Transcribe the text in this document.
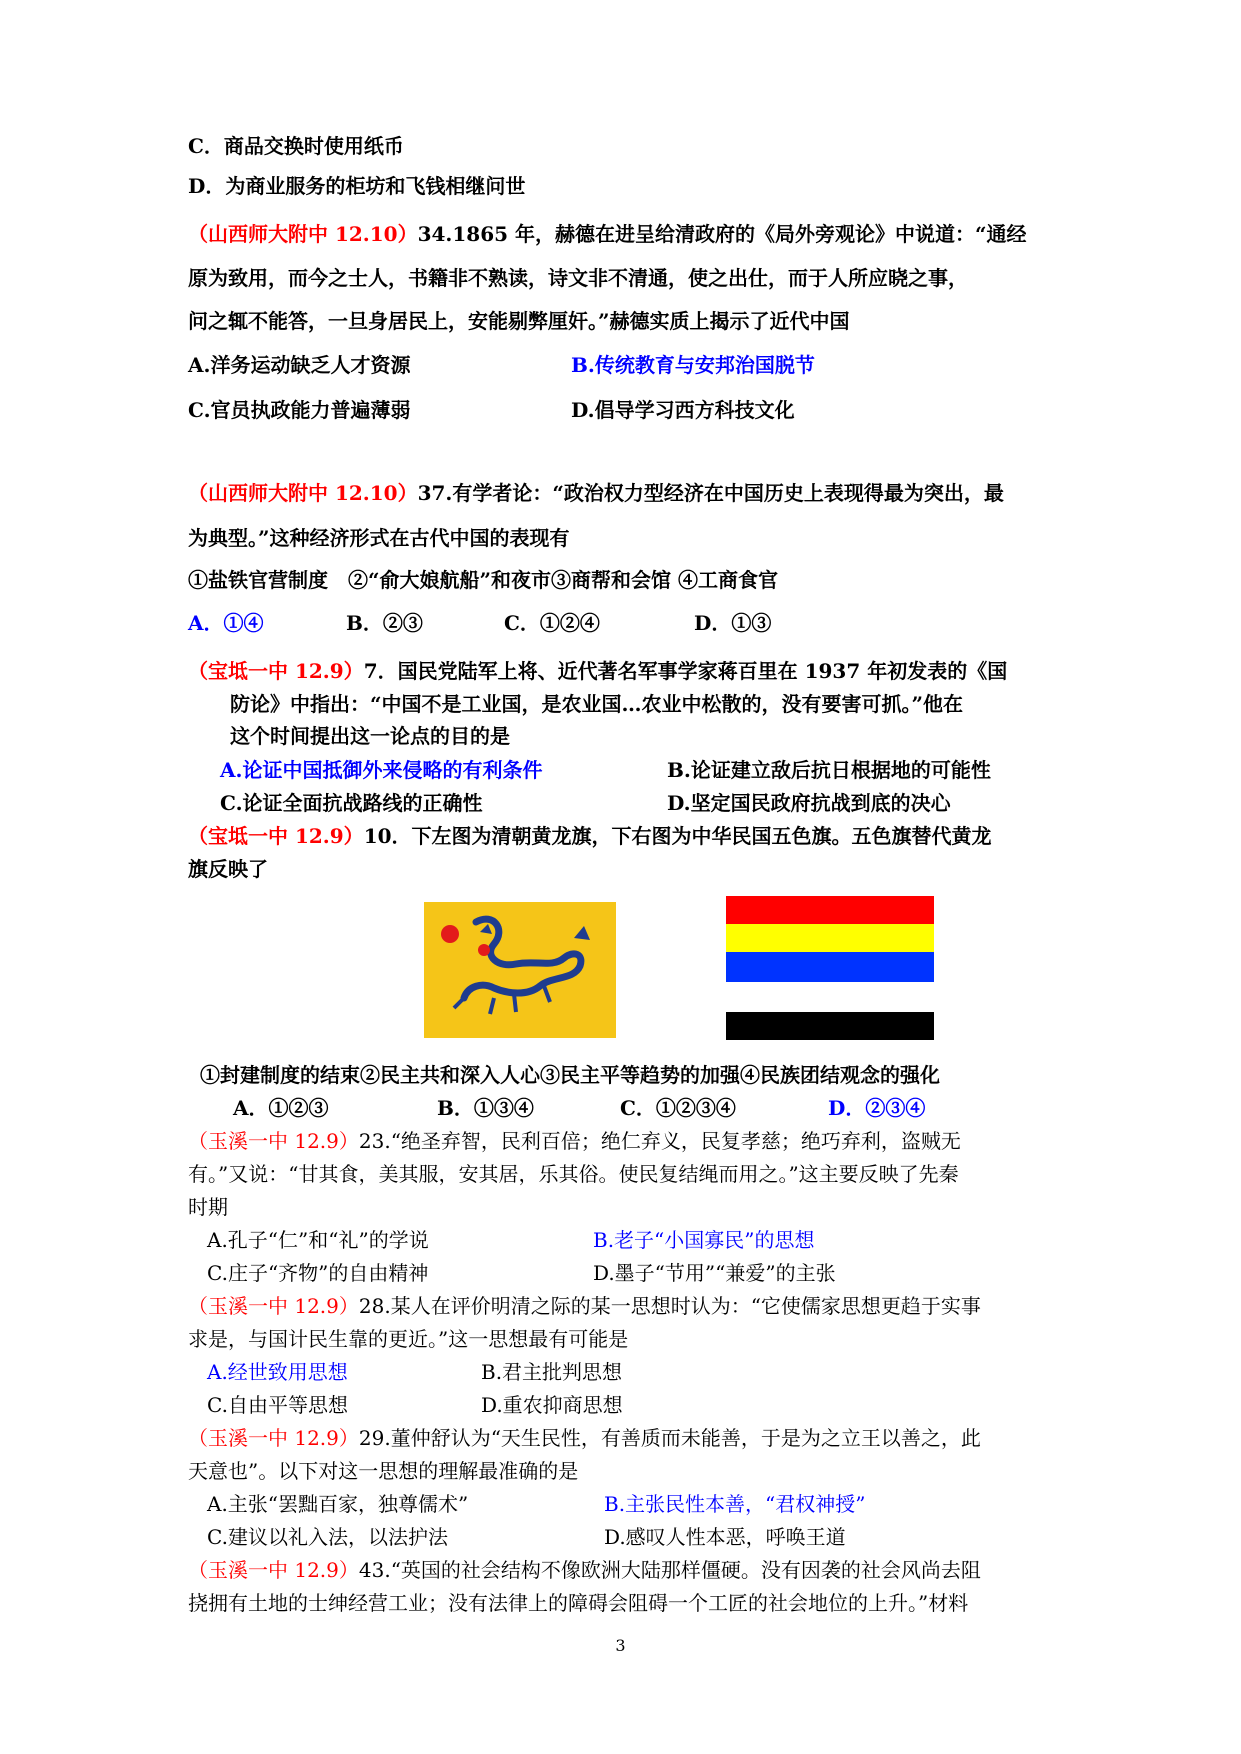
C．商品交换时使用纸币
D．为商业服务的柜坊和飞钱相继问世
（山西师大附中 12.10）34.1865 年，赫德在进呈给清政府的《局外旁观论》中说道：“通经
原为致用，而今之士人，书籍非不熟读，诗文非不清通，使之出仕，而于人所应晓之事，
问之辄不能答，一旦身居民上，安能剔弊厘奸。”赫德实质上揭示了近代中国
A.洋务运动缺乏人才资源	B.传统教育与安邦治国脱节
C.官员执政能力普遍薄弱	D.倡导学习西方科技文化
（山西师大附中 12.10）37.有学者论：“政治权力型经济在中国历史上表现得最为突出，最
为典型。”这种经济形式在古代中国的表现有
①盐铁官营制度　②“俞大娘航船”和夜市③商帮和会馆 ④工商食官
A．①④	B．②③	C．①②④	D．①③
（宝坻一中 12.9）7．国民党陆军上将、近代著名军事学家蒋百里在 1937 年初发表的《国
防论》中指出：“中国不是工业国，是农业国…农业中松散的，没有要害可抓。”他在
这个时间提出这一论点的目的是
A.论证中国抵御外来侵略的有利条件	B.论证建立敌后抗日根据地的可能性
C.论证全面抗战路线的正确性	D.坚定国民政府抗战到底的决心
（宝坻一中 12.9）10．下左图为清朝黄龙旗，下右图为中华民国五色旗。五色旗替代黄龙
旗反映了
①封建制度的结束②民主共和深入人心③民主平等趋势的加强④民族团结观念的强化
A．①②③	B．①③④	C．①②③④	D．②③④
（玉溪一中 12.9）23.“绝圣弃智，民利百倍；绝仁弃义，民复孝慈；绝巧弃利，盗贼无
有。”又说：“甘其食，美其服，安其居，乐其俗。使民复结绳而用之。”这主要反映了先秦
时期
A.孔子“仁”和“礼”的学说	B.老子“小国寡民”的思想
C.庄子“齐物”的自由精神	D.墨子“节用”“兼爱”的主张
（玉溪一中 12.9）28.某人在评价明清之际的某一思想时认为：“它使儒家思想更趋于实事
求是，与国计民生靠的更近。”这一思想最有可能是
A.经世致用思想	B.君主批判思想
C.自由平等思想	D.重农抑商思想
（玉溪一中 12.9）29.董仲舒认为“天生民性，有善质而未能善，于是为之立王以善之，此
天意也”。以下对这一思想的理解最准确的是
A.主张“罢黜百家，独尊儒术”	B.主张民性本善，“君权神授”
C.建议以礼入法，以法护法	D.感叹人性本恶，呼唤王道
（玉溪一中 12.9）43.“英国的社会结构不像欧洲大陆那样僵硬。没有因袭的社会风尚去阻
挠拥有土地的士绅经营工业；没有法律上的障碍会阻碍一个工匠的社会地位的上升。”材料
3
